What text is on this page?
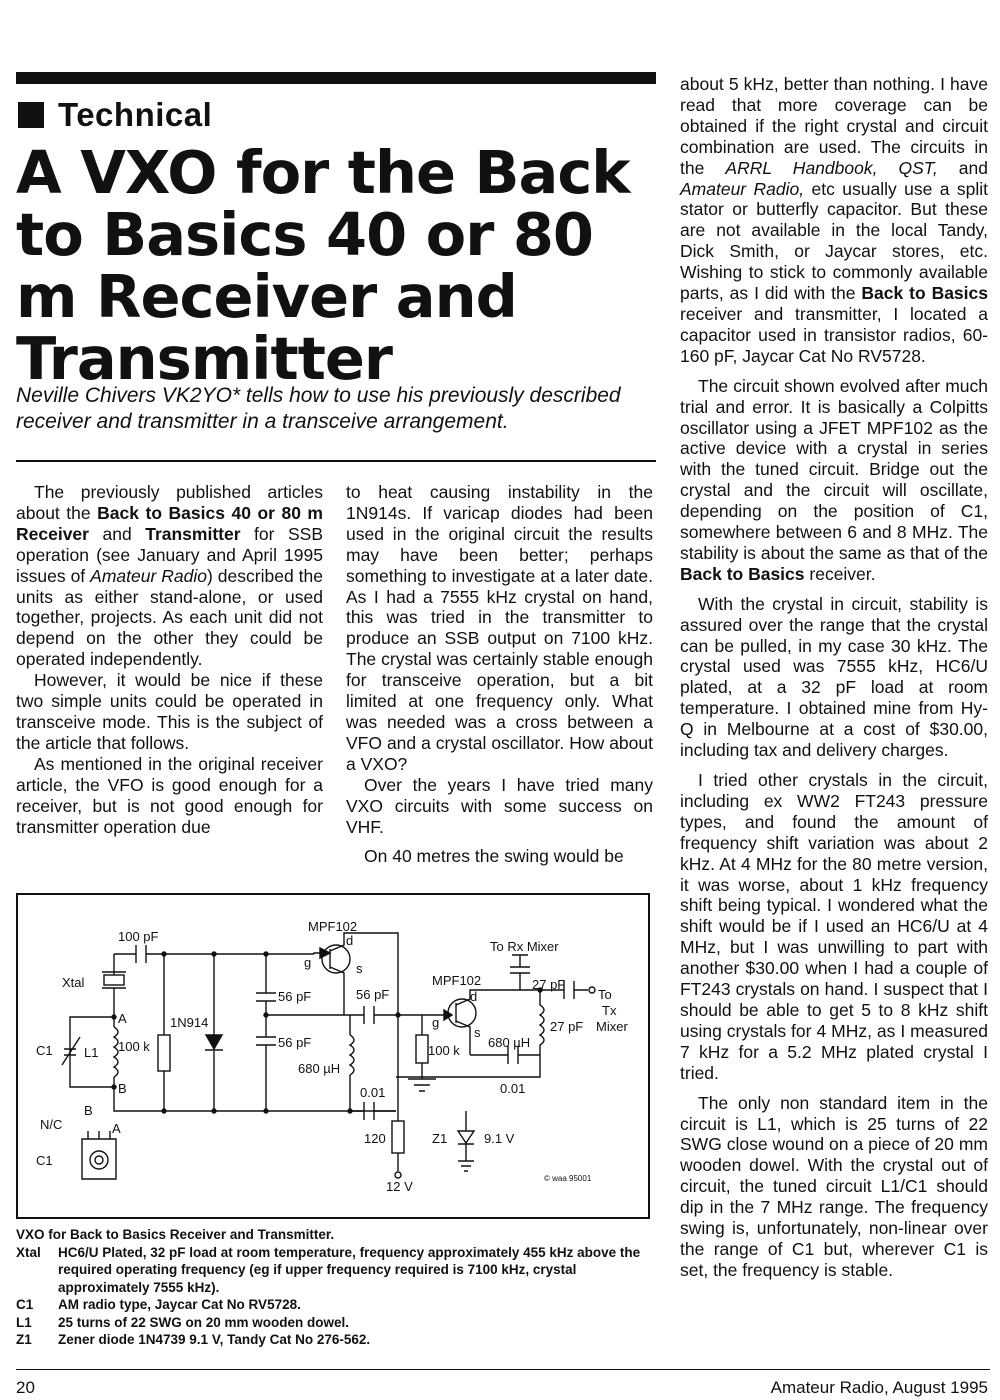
Technical
A VXO for the Back to Basics 40 or 80 m Receiver and Transmitter
Neville Chivers VK2YO* tells how to use his previously described receiver and transmitter in a transceive arrangement.

The previously published articles about the Back to Basics 40 or 80 m Receiver and Transmitter for SSB operation (see January and April 1995 issues of Amateur Radio) described the units as either stand-alone, or used together, projects. As each unit did not depend on the other they could be operated independently.

However, it would be nice if these two simple units could be operated in transceive mode. This is the subject of the article that follows.

As mentioned in the original receiver article, the VFO is good enough for a receiver, but is not good enough for transmitter operation due

to heat causing instability in the 1N914s. If varicap diodes had been used in the original circuit the results may have been better; perhaps something to investigate at a later date. As I had a 7555 kHz crystal on hand, this was tried in the transmitter to produce an SSB output on 7100 kHz. The crystal was certainly stable enough for transceive operation, but a bit limited at one frequency only. What was needed was a cross between a VFO and a crystal oscillator. How about a VXO?

Over the years I have tried many VXO circuits with some success on VHF.

On 40 metres the swing would be

about 5 kHz, better than nothing. I have read that more coverage can be obtained if the right crystal and circuit combination are used. The circuits in the ARRL Handbook, QST, and Amateur Radio, etc usually use a split stator or butterfly capacitor. But these are not available in the local Tandy, Dick Smith, or Jaycar stores, etc. Wishing to stick to commonly available parts, as I did with the Back to Basics receiver and transmitter, I located a capacitor used in transistor radios, 60-160 pF, Jaycar Cat No RV5728.

The circuit shown evolved after much trial and error. It is basically a Colpitts oscillator using a JFET MPF102 as the active device with a crystal in series with the tuned circuit. Bridge out the crystal and the circuit will oscillate, depending on the position of C1, somewhere between 6 and 8 MHz. The stability is about the same as that of the Back to Basics receiver.

With the crystal in circuit, stability is assured over the range that the crystal can be pulled, in my case 30 kHz. The crystal used was 7555 kHz, HC6/U plated, at a 32 pF load at room temperature. I obtained mine from Hy-Q in Melbourne at a cost of $30.00, including tax and delivery charges.

I tried other crystals in the circuit, including ex WW2 FT243 pressure types, and found the amount of frequency shift variation was about 2 kHz. At 4 MHz for the 80 metre version, it was worse, about 1 kHz frequency shift being typical. I wondered what the shift would be if I used an HC6/U at 4 MHz, but I was unwilling to part with another $30.00 when I had a couple of FT243 crystals on hand. I suspect that I should be able to get 5 to 8 kHz shift using crystals for 4 MHz, as I measured 7 kHz for a 5.2 MHz plated crystal I tried.

The only non standard item in the circuit is L1, which is 25 turns of 22 SWG close wound on a piece of 20 mm wooden dowel. With the crystal out of circuit, the tuned circuit L1/C1 should dip in the 7 MHz range. The frequency swing is, unfortunately, non-linear over the range of C1 but, wherever C1 is set, the frequency is stable.

MPF102
d
g	s
100 pF
Xtal
A
B
C1 L1 100 k
1N914
56 pF	56 pF
56 pF
680 µH
0.01
120
12 V
To Rx Mixer
MPF102
d
g
s
27 pF
27 pF
To
Tx
Mixer
100 k
680 µH
0.01
Z1	9.1 V
N/C
B
A
C1
© waa 95001
VXO for Back to Basics Receiver and Transmitter.
Xtal	HC6/U Plated, 32 pF load at room temperature, frequency approximately 455 kHz above the required operating frequency (eg if upper frequency required is 7100 kHz, crystal approximately 7555 kHz).
C1	AM radio type, Jaycar Cat No RV5728.
L1	25 turns of 22 SWG on 20 mm wooden dowel.
Z1	Zener diode 1N4739 9.1 V, Tandy Cat No 276-562.
20	Amateur Radio, August 1995
